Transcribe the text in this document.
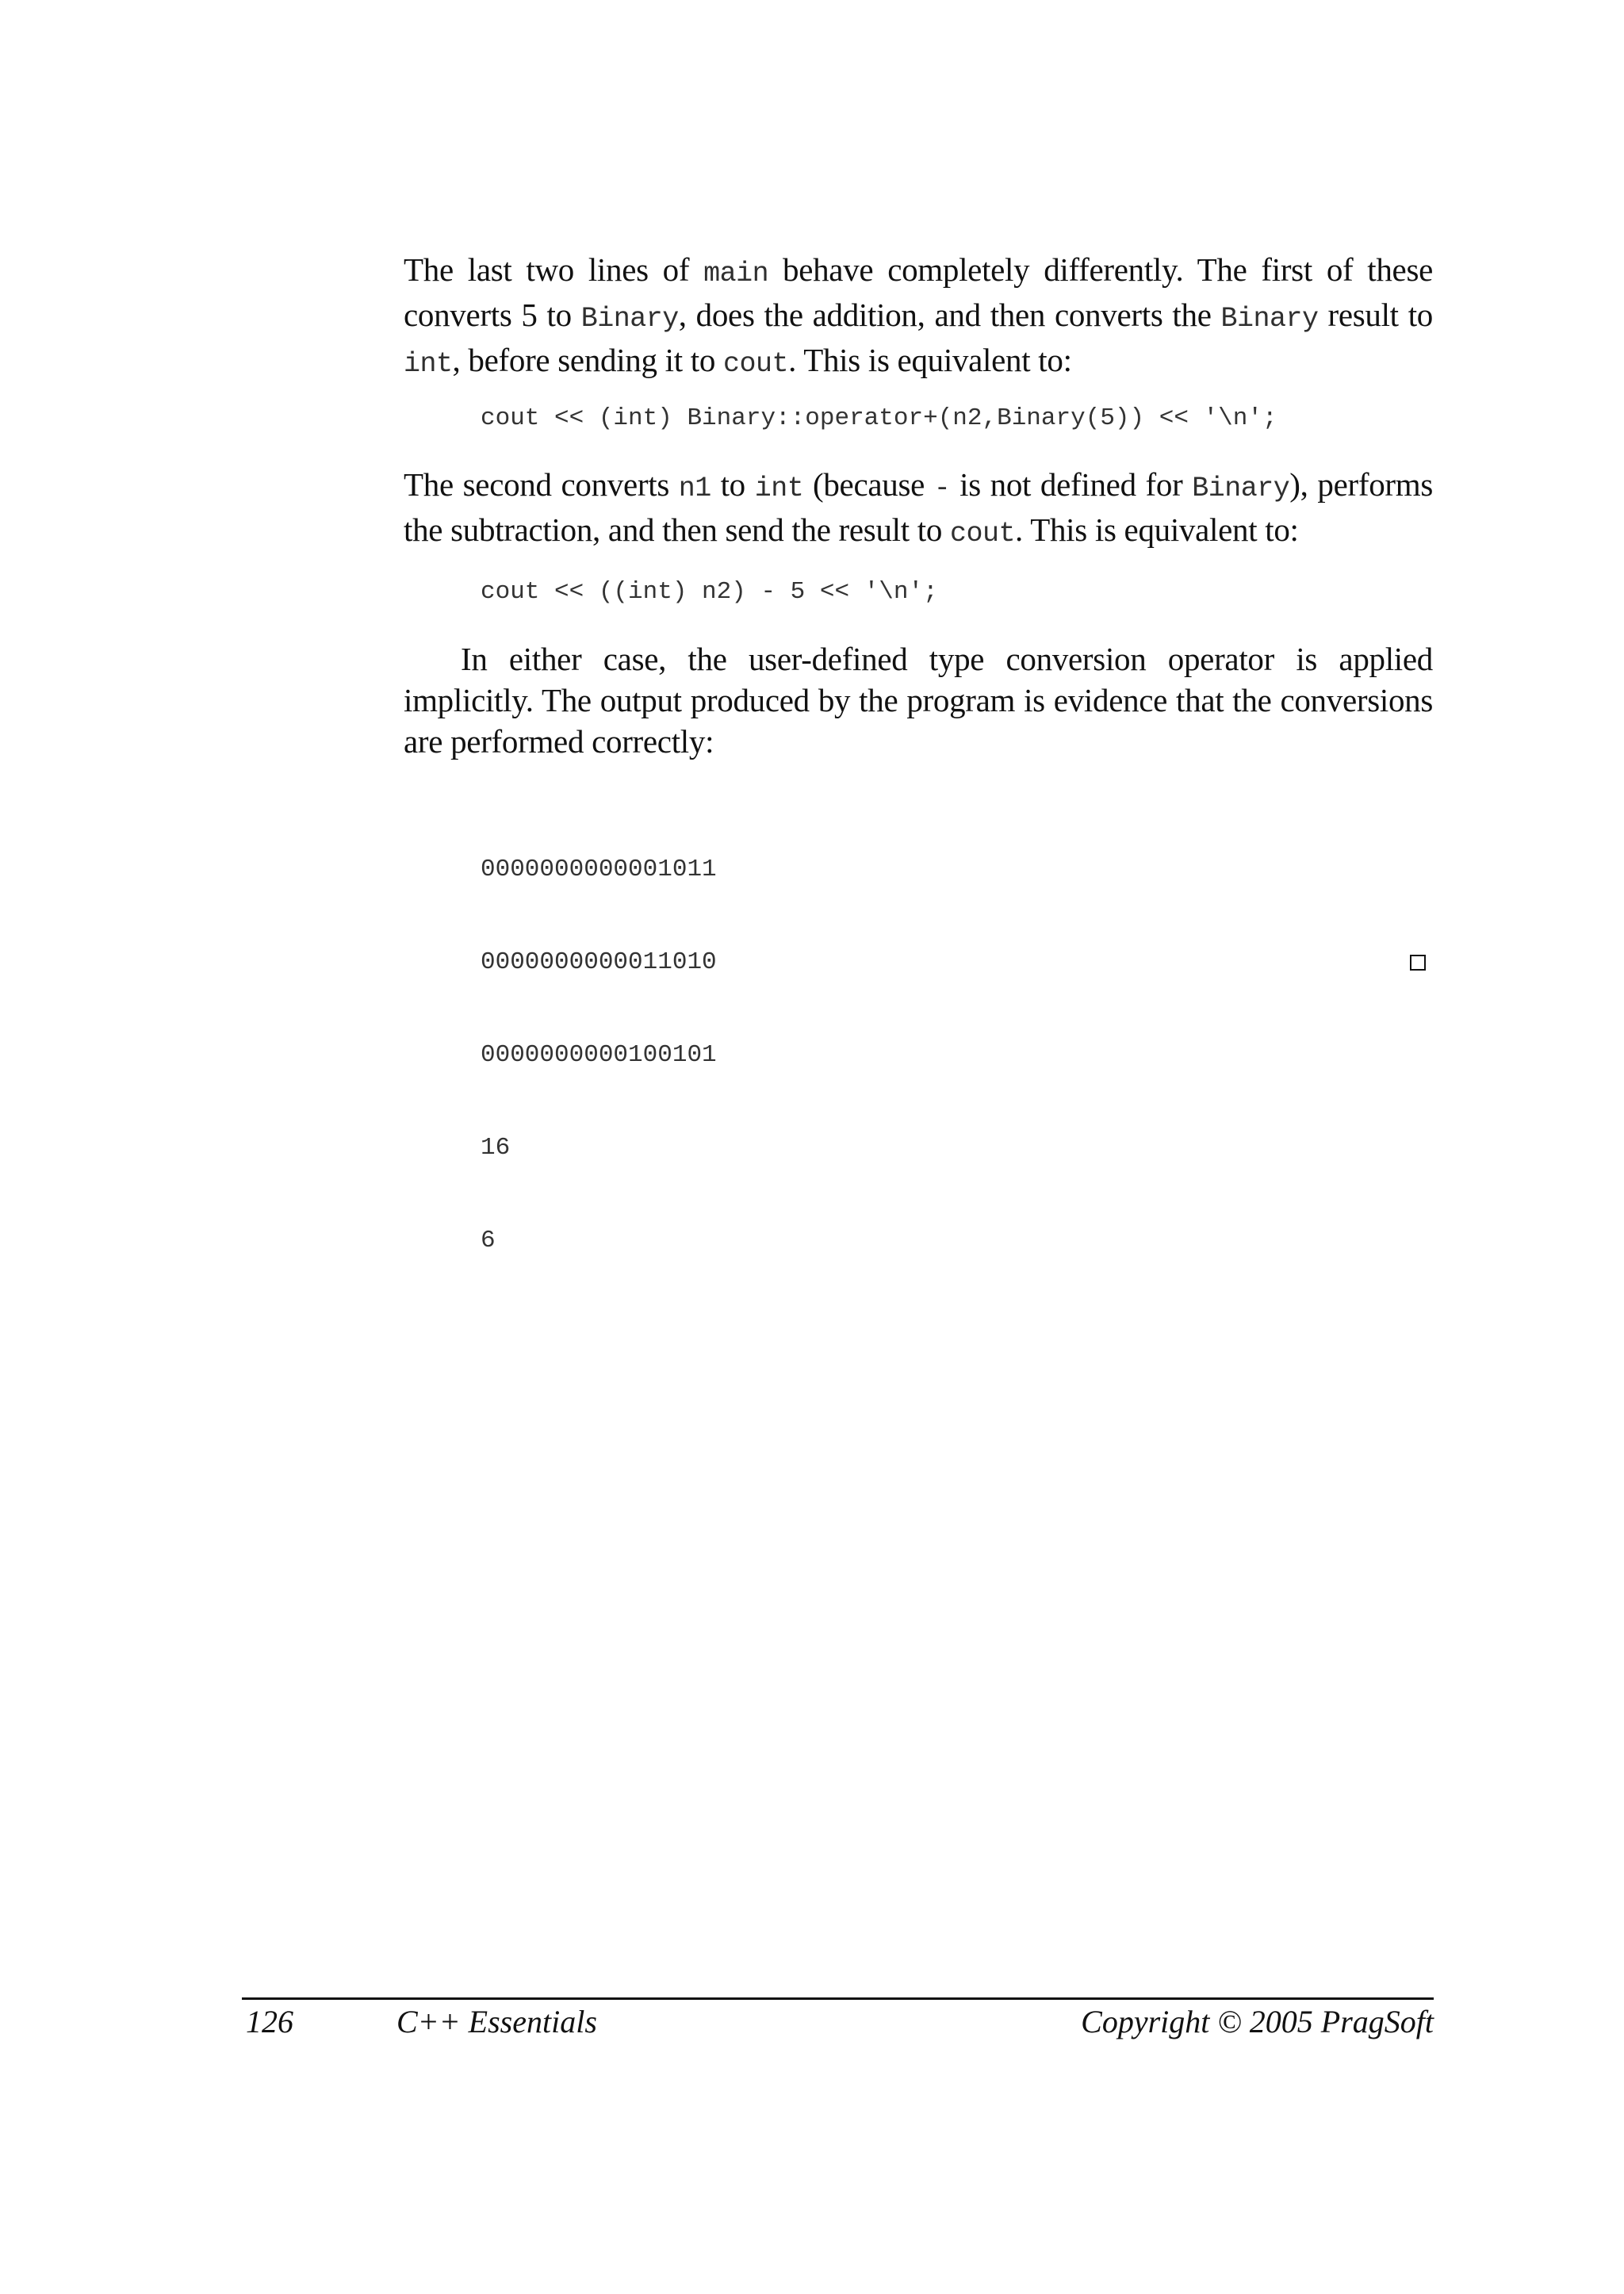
The last two lines of main behave completely differently. The first of these converts 5 to Binary, does the addition, and then converts the Binary result to int, before sending it to cout. This is equivalent to:

cout << (int) Binary::operator+(n2,Binary(5)) << '\n';

The second converts n1 to int (because - is not defined for Binary), performs the subtraction, and then send the result to cout. This is equivalent to:

cout << ((int) n2) - 5 << '\n';

In either case, the user-defined type conversion operator is applied implicitly. The output produced by the program is evidence that the conversions are performed correctly:

0000000000001011

0000000000011010

0000000000100101

16

6

126	C++ Essentials	Copyright © 2005 PragSoft
